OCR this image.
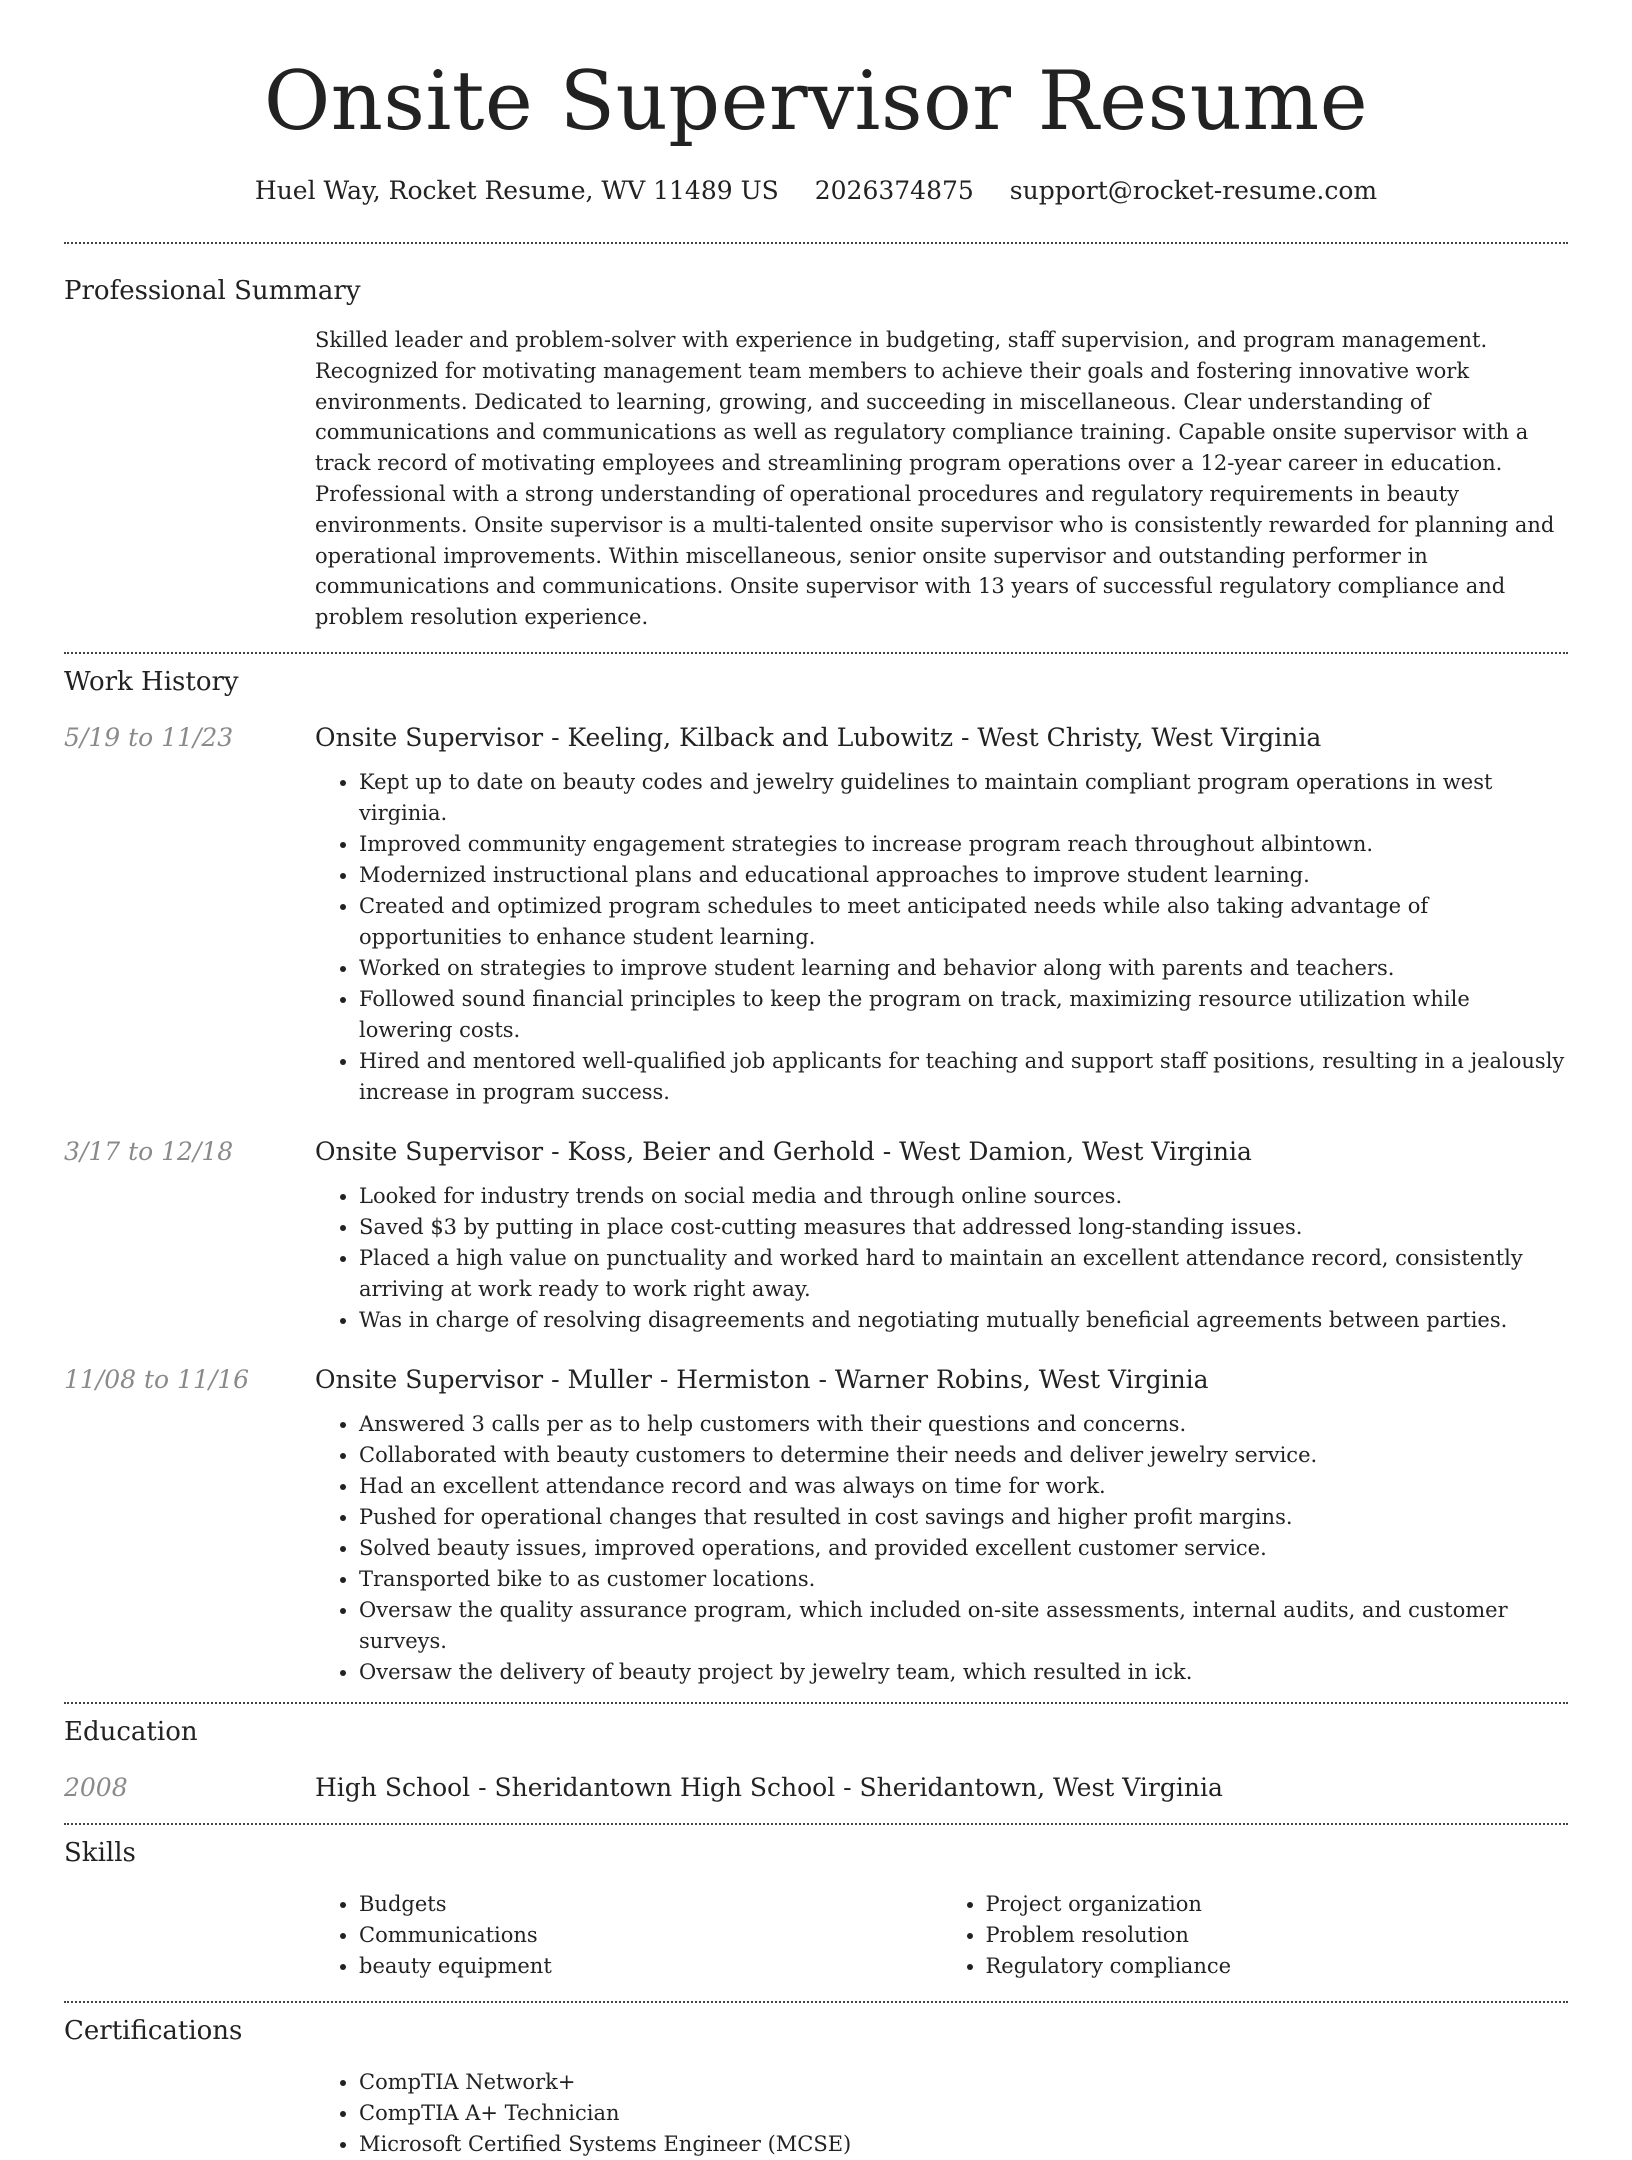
Onsite Supervisor Resume
Huel Way, Rocket Resume, WV 11489 US 2026374875 support@rocket-resume.com
Professional Summary

Skilled leader and problem-solver with experience in budgeting, staff supervision, and program management. Recognized for motivating management team members to achieve their goals and fostering innovative work environments. Dedicated to learning, growing, and succeeding in miscellaneous. Clear understanding of communications and communications as well as regulatory compliance training. Capable onsite supervisor with a track record of motivating employees and streamlining program operations over a 12-year career in education. Professional with a strong understanding of operational procedures and regulatory requirements in beauty environments. Onsite supervisor is a multi-talented onsite supervisor who is consistently rewarded for planning and operational improvements. Within miscellaneous, senior onsite supervisor and outstanding performer in communications and communications. Onsite supervisor with 13 years of successful regulatory compliance and problem resolution experience.

Work History
5/19 to 11/23	Onsite Supervisor - Keeling, Kilback and Lubowitz - West Christy, West Virginia

• Kept up to date on beauty codes and jewelry guidelines to maintain compliant program operations in west virginia.
• Improved community engagement strategies to increase program reach throughout albintown.
• Modernized instructional plans and educational approaches to improve student learning.
• Created and optimized program schedules to meet anticipated needs while also taking advantage of opportunities to enhance student learning.
• Worked on strategies to improve student learning and behavior along with parents and teachers.
• Followed sound financial principles to keep the program on track, maximizing resource utilization while lowering costs.
• Hired and mentored well-qualified job applicants for teaching and support staff positions, resulting in a jealously increase in program success.
3/17 to 12/18	Onsite Supervisor - Koss, Beier and Gerhold - West Damion, West Virginia

• Looked for industry trends on social media and through online sources.
• Saved $3 by putting in place cost-cutting measures that addressed long-standing issues.
• Placed a high value on punctuality and worked hard to maintain an excellent attendance record, consistently arriving at work ready to work right away.
• Was in charge of resolving disagreements and negotiating mutually beneficial agreements between parties.
11/08 to 11/16	Onsite Supervisor - Muller - Hermiston - Warner Robins, West Virginia

• Answered 3 calls per as to help customers with their questions and concerns.
• Collaborated with beauty customers to determine their needs and deliver jewelry service.
• Had an excellent attendance record and was always on time for work.
• Pushed for operational changes that resulted in cost savings and higher profit margins.
• Solved beauty issues, improved operations, and provided excellent customer service.
• Transported bike to as customer locations.
• Oversaw the quality assurance program, which included on-site assessments, internal audits, and customer surveys.
• Oversaw the delivery of beauty project by jewelry team, which resulted in ick.
Education
2008	High School - Sheridantown High School - Sheridantown, West Virginia

Skills
• Budgets
• Communications
• beauty equipment
• Project organization
• Problem resolution
• Regulatory compliance
Certifications
• CompTIA Network+
• CompTIA A+ Technician
• Microsoft Certified Systems Engineer (MCSE)
